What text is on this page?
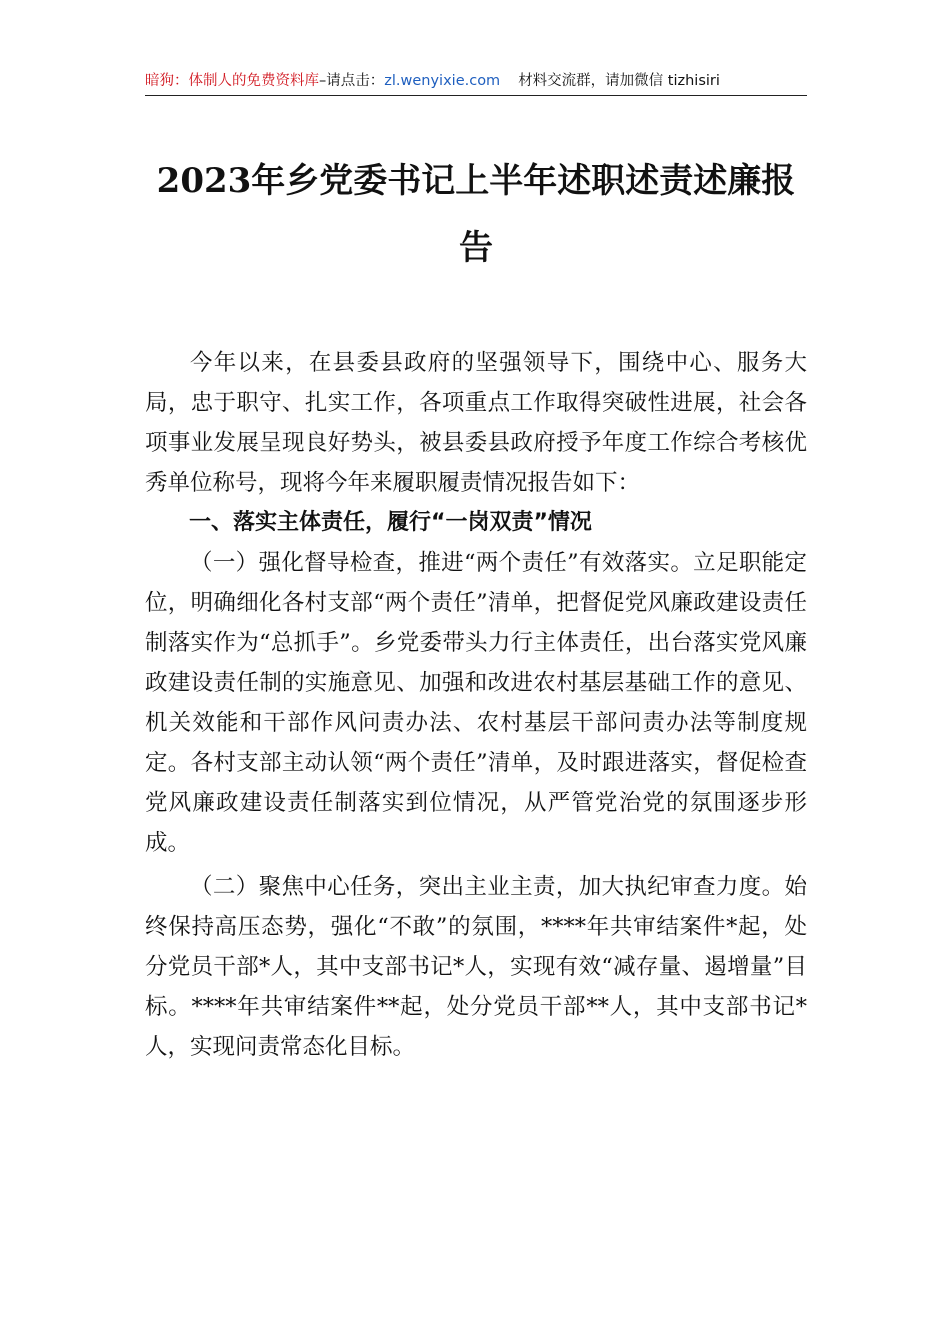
暗狗：体制人的免费资料库–请点击：zl.wenyixie.com 材料交流群，请加微信 tizhisiri
2023年乡党委书记上半年述职述责述廉报告

今年以来，在县委县政府的坚强领导下，围绕中心、服务大局，忠于职守、扎实工作，各项重点工作取得突破性进展，社会各项事业发展呈现良好势头，被县委县政府授予年度工作综合考核优秀单位称号，现将今年来履职履责情况报告如下：

一、落实主体责任，履行“一岗双责”情况

（一）强化督导检查，推进“两个责任”有效落实。立足职能定位，明确细化各村支部“两个责任”清单，把督促党风廉政建设责任制落实作为“总抓手”。乡党委带头力行主体责任，出台落实党风廉政建设责任制的实施意见、加强和改进农村基层基础工作的意见、机关效能和干部作风问责办法、农村基层干部问责办法等制度规定。各村支部主动认领“两个责任”清单，及时跟进落实，督促检查党风廉政建设责任制落实到位情况，从严管党治党的氛围逐步形成。

（二）聚焦中心任务，突出主业主责，加大执纪审查力度。始终保持高压态势，强化“不敢”的氛围，****年共审结案件*起，处分党员干部*人，其中支部书记*人，实现有效“减存量、遏增量”目标。****年共审结案件**起，处分党员干部**人，其中支部书记*人，实现问责常态化目标。
